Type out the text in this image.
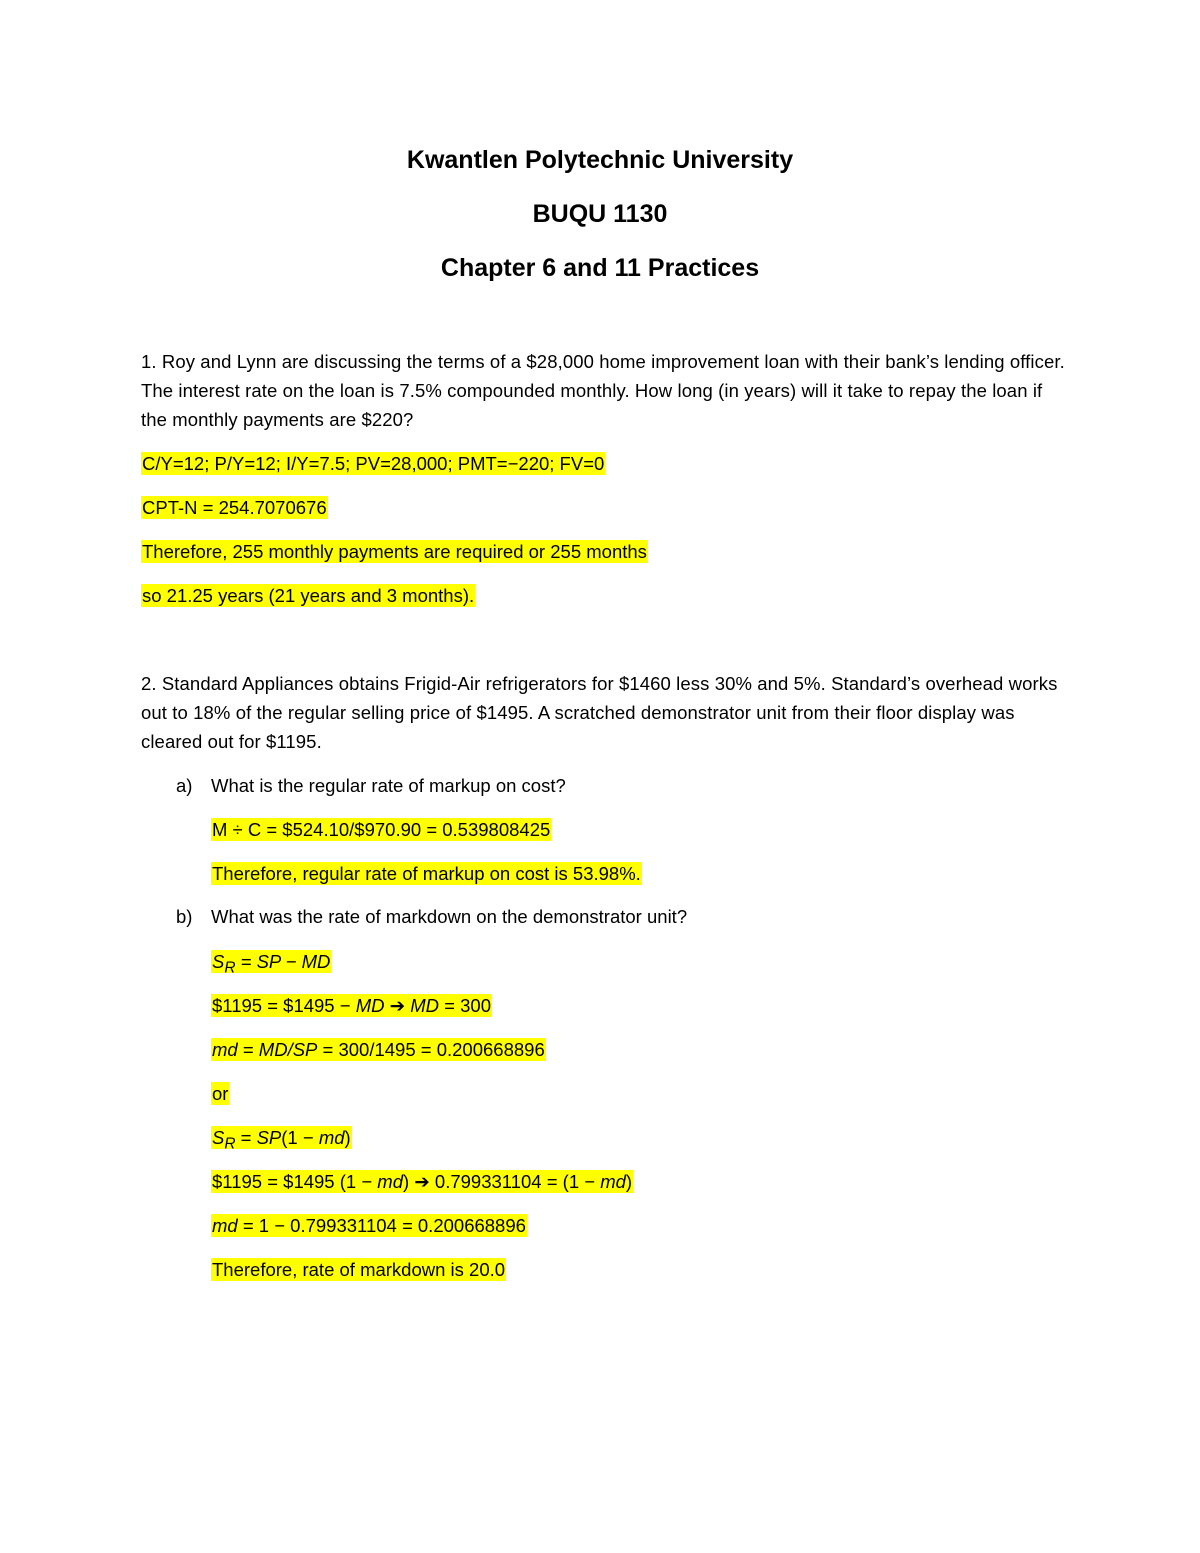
Kwantlen Polytechnic University
BUQU 1130
Chapter 6 and 11 Practices
1. Roy and Lynn are discussing the terms of a $28,000 home improvement loan with their bank’s lending officer. The interest rate on the loan is 7.5% compounded monthly. How long (in years) will it take to repay the loan if the monthly payments are $220?
C/Y=12; P/Y=12; I/Y=7.5; PV=28,000; PMT=−220; FV=0
CPT-N = 254.7070676
Therefore, 255 monthly payments are required or 255 months
so 21.25 years (21 years and 3 months).
2. Standard Appliances obtains Frigid-Air refrigerators for $1460 less 30% and 5%. Standard’s overhead works out to 18% of the regular selling price of $1495. A scratched demonstrator unit from their floor display was cleared out for $1195.
a) What is the regular rate of markup on cost?
M ÷ C = $524.10/$970.90 = 0.539808425
Therefore, regular rate of markup on cost is 53.98%.
b) What was the rate of markdown on the demonstrator unit?
$S_R$ = SP − MD
$1195 = $1495 − MD ➔ MD = 300
md = MD/SP = 300/1495 = 0.200668896
or
$S_R = SP(1 - md)$
$1195 = $1495 (1 − md) ➔ 0.799331104 = (1 − md)
md = 1 − 0.799331104 = 0.200668896
Therefore, rate of markdown is 20.0
